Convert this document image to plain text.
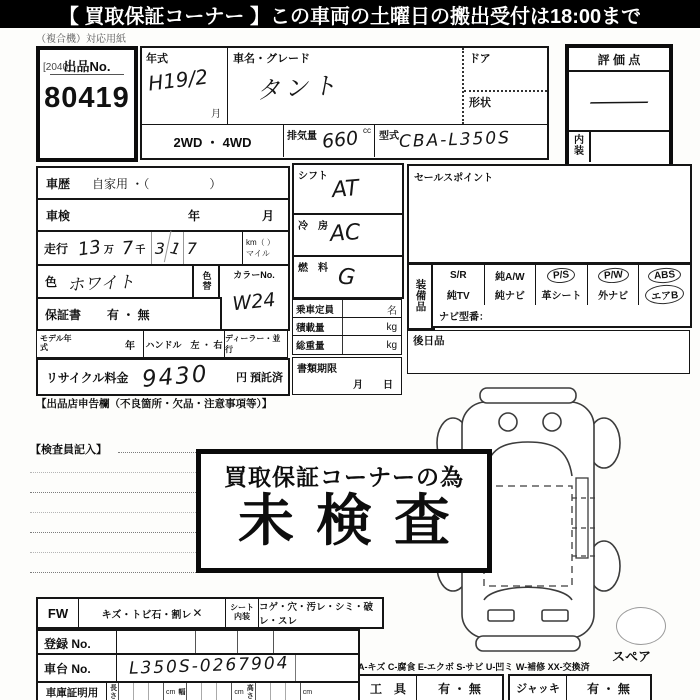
【 買取保証コーナー 】この車両の土曜日の搬出受付は18:00まで
（複合機）対応用紙
[2040]
出品No.
80419
年式
H19/2
月
車名・グレード
タント
ドア
形状
2WD ・ 4WD	排気量 660 cc
型式 CBA-L350S
評 価 点
—
内装
車歴 自家用 ・（　　　　　）
車検	年	月
走行 13 万 7 千 3 1 7	km（ ）
マイル
色 ホワイト	色替
カラーNo.
W24
保証書 有 ・ 無
モデル年式	年 ハンドル　左 ・ 右
ディーラー・並行
リサイクル料金 9430 円 預託済
【出品店申告欄（不良箇所・欠品・注意事項等）】
シフト AT
冷　房 AC
燃　料 G
乗車定員	名
積載量	kg
総重量	kg
書類期限
月　　日
セールスポイント
装備品
S/R	純A/W	P/S	P/W	ABS
純TV	純ナビ 革シート 外ナビ	エアB
ナビ型番：
後日品
【検査員記入】
スペア
買取保証コーナーの為
未検査
FW	キズ・トビ石・割レ ✕	シート内装
コゲ・穴・汚レ・シミ・破レ・スレ
登録 No.
車台 No. L350S-0267904
車庫証明用 長さ	cm 幅	cm
高さ	cm
A-キズ C-腐食 E-エクボ S-サビ U-凹ミ W-補修 XX-交換済
工　具	有 ・ 無	ジャッキ 有 ・ 無
